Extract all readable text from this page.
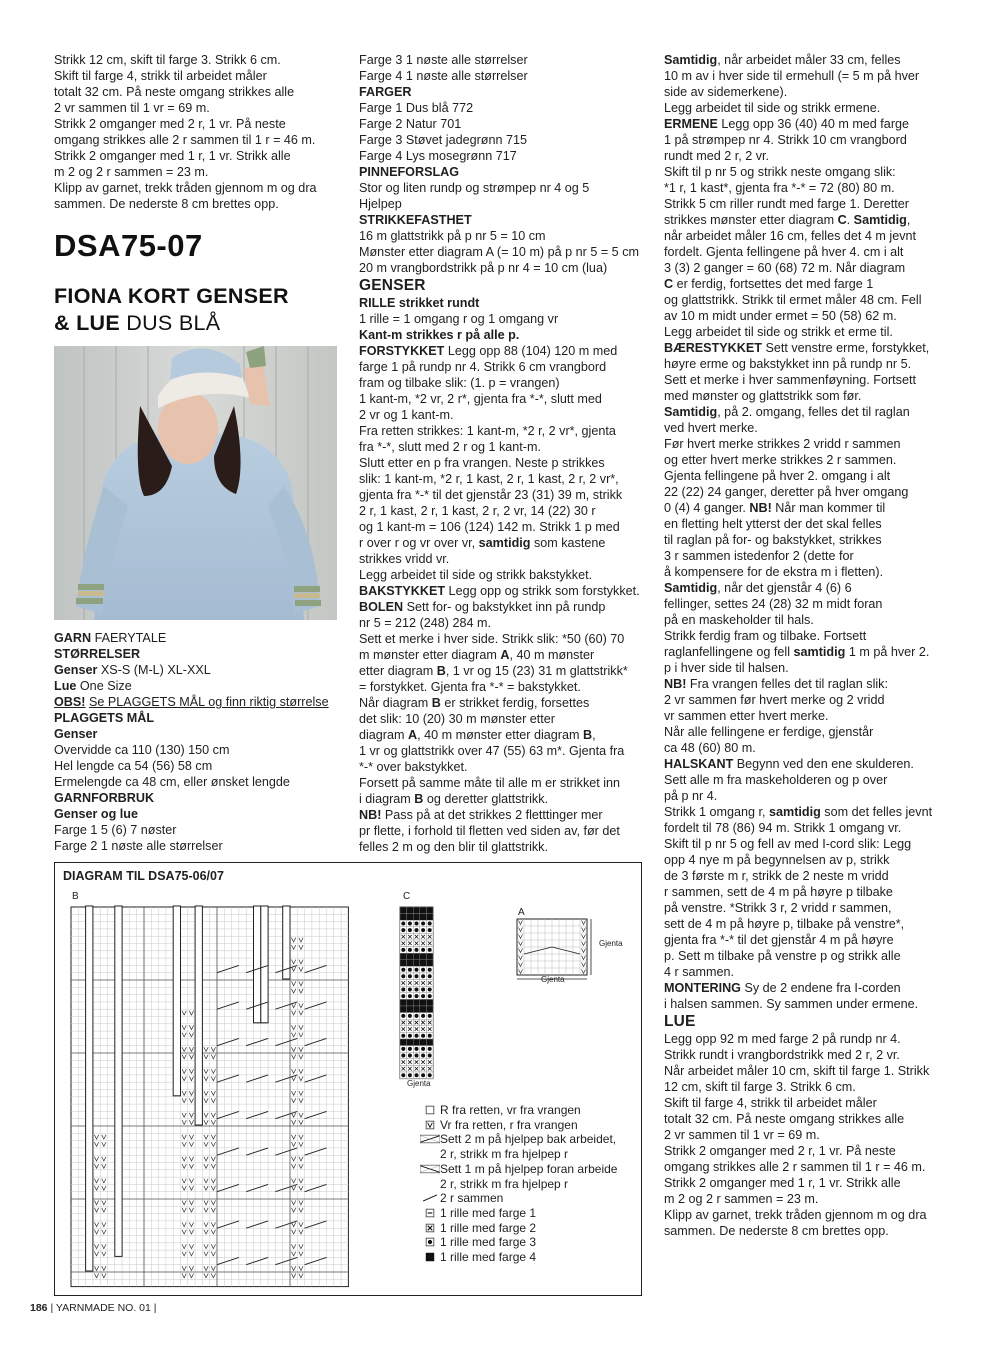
Strikk 12 cm, skift til farge 3. Strikk 6 cm.

Skift til farge 4, strikk til arbeidet måler

totalt 32 cm. På neste omgang strikkes alle

2 vr sammen til 1 vr = 69 m.

Strikk 2 omganger med 2 r, 1 vr. På neste

omgang strikkes alle 2 r sammen til 1 r = 46 m.

Strikk 2 omganger med 1 r, 1 vr. Strikk alle

m 2 og 2 r sammen = 23 m.

Klipp av garnet, trekk tråden gjennom m og dra

sammen. De nederste 8 cm brettes opp.

DSA75-07
FIONA KORT GENSER
& LUE DUS BLÅ

GARN FAERYTALE

STØRRELSER

Genser XS-S (M-L) XL-XXL

Lue One Size

OBS! Se PLAGGETS MÅL og finn riktig størrelse

PLAGGETS MÅL

Genser

Overvidde ca 110 (130) 150 cm

Hel lengde ca 54 (56) 58 cm

Ermelengde ca 48 cm, eller ønsket lengde

GARNFORBRUK

Genser og lue

Farge 1 5 (6) 7 nøster

Farge 2 1 nøste alle størrelser

Farge 3 1 nøste alle størrelser

Farge 4 1 nøste alle størrelser

FARGER

Farge 1 Dus blå 772

Farge 2 Natur 701

Farge 3 Støvet jadegrønn 715

Farge 4 Lys mosegrønn 717

PINNEFORSLAG

Stor og liten rundp og strømpep nr 4 og 5

Hjelpep

STRIKKEFASTHET

16 m glattstrikk på p nr 5 = 10 cm

Mønster etter diagram A (= 10 m) på p nr 5 = 5 cm

20 m vrangbordstrikk på p nr 4 = 10 cm (lua)

GENSER

RILLE strikket rundt

1 rille = 1 omgang r og 1 omgang vr

Kant-m strikkes r på alle p.

FORSTYKKET Legg opp 88 (104) 120 m med

farge 1 på rundp nr 4. Strikk 6 cm vrangbord

fram og tilbake slik: (1. p = vrangen)

1 kant-m, *2 vr, 2 r*, gjenta fra *-*, slutt med

2 vr og 1 kant-m.

Fra retten strikkes: 1 kant-m, *2 r, 2 vr*, gjenta

fra *-*, slutt med 2 r og 1 kant-m.

Slutt etter en p fra vrangen. Neste p strikkes

slik: 1 kant-m, *2 r, 1 kast, 2 r, 1 kast, 2 r, 2 vr*,

gjenta fra *-* til det gjenstår 23 (31) 39 m, strikk

2 r, 1 kast, 2 r, 1 kast, 2 r, 2 vr, 14 (22) 30 r

og 1 kant-m = 106 (124) 142 m. Strikk 1 p med

r over r og vr over vr, samtidig som kastene

strikkes vridd vr.

Legg arbeidet til side og strikk bakstykket.

BAKSTYKKET Legg opp og strikk som forstykket.

BOLEN Sett for- og bakstykket inn på rundp

nr 5 = 212 (248) 284 m.

Sett et merke i hver side. Strikk slik: *50 (60) 70

m mønster etter diagram A, 40 m mønster

etter diagram B, 1 vr og 15 (23) 31 m glattstrikk*

= forstykket. Gjenta fra *-* = bakstykket.

Når diagram B er strikket ferdig, forsettes

det slik: 10 (20) 30 m mønster etter

diagram A, 40 m mønster etter diagram B,

1 vr og glattstrikk over 47 (55) 63 m*. Gjenta fra

*-* over bakstykket.

Forsett på samme måte til alle m er strikket inn

i diagram B og deretter glattstrikk.

NB! Pass på at det strikkes 2 fletttinger mer

pr flette, i forhold til fletten ved siden av, før det

felles 2 m og den blir til glattstrikk.

Samtidig, når arbeidet måler 33 cm, felles

10 m av i hver side til ermehull (= 5 m på hver

side av sidemerkene).

Legg arbeidet til side og strikk ermene.

ERMENE Legg opp 36 (40) 40 m med farge

1 på strømpep nr 4. Strikk 10 cm vrangbord

rundt med 2 r, 2 vr.

Skift til p nr 5 og strikk neste omgang slik:

*1 r, 1 kast*, gjenta fra *-* = 72 (80) 80 m.

Strikk 5 cm riller rundt med farge 1. Deretter

strikkes mønster etter diagram C. Samtidig,

når arbeidet måler 16 cm, felles det 4 m jevnt

fordelt. Gjenta fellingene på hver 4. cm i alt

3 (3) 2 ganger = 60 (68) 72 m. Når diagram

C er ferdig, fortsettes det med farge 1

og glattstrikk. Strikk til ermet måler 48 cm. Fell

av 10 m midt under ermet = 50 (58) 62 m.

Legg arbeidet til side og strikk et erme til.

BÆRESTYKKET Sett venstre erme, forstykket,

høyre erme og bakstykket inn på rundp nr 5.

Sett et merke i hver sammenføyning. Fortsett

med mønster og glattstrikk som før.

Samtidig, på 2. omgang, felles det til raglan

ved hvert merke.

Før hvert merke strikkes 2 vridd r sammen

og etter hvert merke strikkes 2 r sammen.

Gjenta fellingene på hver 2. omgang i alt

22 (22) 24 ganger, deretter på hver omgang

0 (4) 4 ganger. NB! Når man kommer til

en fletting helt ytterst der det skal felles

til raglan på for- og bakstykket, strikkes

3 r sammen istedenfor 2 (dette for

å kompensere for de ekstra m i fletten).

Samtidig, når det gjenstår 4 (6) 6

fellinger, settes 24 (28) 32 m midt foran

på en maskeholder til hals.

Strikk ferdig fram og tilbake. Fortsett

raglanfellingene og fell samtidig 1 m på hver 2.

p i hver side til halsen.

NB! Fra vrangen felles det til raglan slik:

2 vr sammen før hvert merke og 2 vridd

vr sammen etter hvert merke.

Når alle fellingene er ferdige, gjenstår

ca 48 (60) 80 m.

HALSKANT Begynn ved den ene skulderen.

Sett alle m fra maskeholderen og p over

på p nr 4.

Strikk 1 omgang r, samtidig som det felles jevnt

fordelt til 78 (86) 94 m. Strikk 1 omgang vr.

Skift til p nr 5 og fell av med I-cord slik: Legg

opp 4 nye m på begynnelsen av p, strikk

de 3 første m r, strikk de 2 neste m vridd

r sammen, sett de 4 m på høyre p tilbake

på venstre. *Strikk 3 r, 2 vridd r sammen,

sett de 4 m på høyre p, tilbake på venstre*,

gjenta fra *-* til det gjenstår 4 m på høyre

p. Sett m tilbake på venstre p og strikk alle

4 r sammen.

MONTERING Sy de 2 endene fra I-corden

i halsen sammen. Sy sammen under ermene.

LUE

Legg opp 92 m med farge 2 på rundp nr 4.

Strikk rundt i vrangbordstrikk med 2 r, 2 vr.

Når arbeidet måler 10 cm, skift til farge 1. Strikk

12 cm, skift til farge 3. Strikk 6 cm.

Skift til farge 4, strikk til arbeidet måler

totalt 32 cm. På neste omgang strikkes alle

2 vr sammen til 1 vr = 69 m.

Strikk 2 omganger med 2 r, 1 vr. På neste

omgang strikkes alle 2 r sammen til 1 r = 46 m.

Strikk 2 omganger med 1 r, 1 vr. Strikk alle

m 2 og 2 r sammen = 23 m.

Klipp av garnet, trekk tråden gjennom m og dra

sammen. De nederste 8 cm brettes opp.

DIAGRAM TIL DSA75-06/07
B	C
A
Gjenta
Gjenta
Gjenta
R fra retten, vr fra vrangen
Vr fra retten, r fra vrangen
Sett 2 m på hjelpep bak arbeidet,
2 r, strikk m fra hjelpep r
Sett 1 m på hjelpep foran arbeide
2 r, strikk m fra hjelpep r
2 r sammen
1 rille med farge 1
1 rille med farge 2
1 rille med farge 3
1 rille med farge 4
186 | YARNMADE NO. 01 |
